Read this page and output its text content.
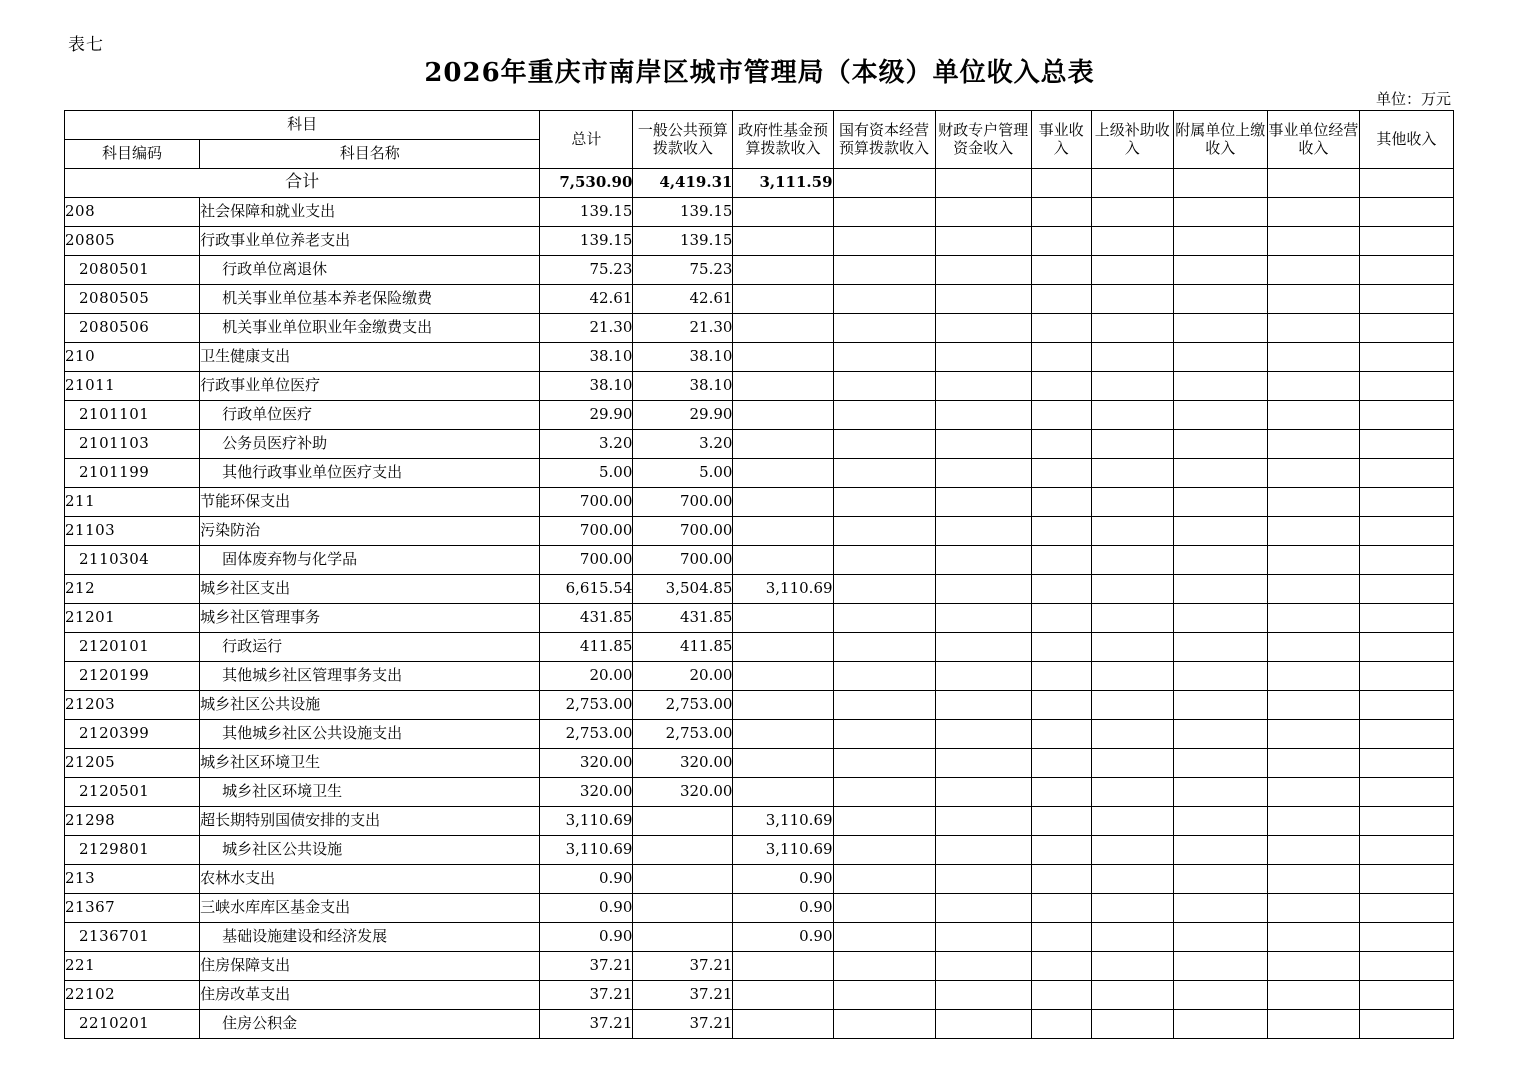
表七
2026年重庆市南岸区城市管理局（本级）单位收入总表
单位：万元
科目		总计	一般公共预算拨款收入	政府性基金预算拨款收入	国有资本经营预算拨款收入	财政专户管理资金收入	事业收入	上级补助收入	附属单位上缴收入	事业单位经营收入	其他收入
科目编码	科目名称										
合计		7,530.90	4,419.31	3,111.59							
208	社会保障和就业支出	139.15	139.15								
20805	行政事业单位养老支出	139.15	139.15								
2080501	行政单位离退休	75.23	75.23								
2080505	机关事业单位基本养老保险缴费	42.61	42.61								
2080506	机关事业单位职业年金缴费支出	21.30	21.30								
210	卫生健康支出	38.10	38.10								
21011	行政事业单位医疗	38.10	38.10								
2101101	行政单位医疗	29.90	29.90								
2101103	公务员医疗补助	3.20	3.20								
2101199	其他行政事业单位医疗支出	5.00	5.00								
211	节能环保支出	700.00	700.00								
21103	污染防治	700.00	700.00								
2110304	固体废弃物与化学品	700.00	700.00								
212	城乡社区支出	6,615.54	3,504.85	3,110.69							
21201	城乡社区管理事务	431.85	431.85								
2120101	行政运行	411.85	411.85								
2120199	其他城乡社区管理事务支出	20.00	20.00								
21203	城乡社区公共设施	2,753.00	2,753.00								
2120399	其他城乡社区公共设施支出	2,753.00	2,753.00								
21205	城乡社区环境卫生	320.00	320.00								
2120501	城乡社区环境卫生	320.00	320.00								
21298	超长期特别国债安排的支出	3,110.69		3,110.69							
2129801	城乡社区公共设施	3,110.69		3,110.69							
213	农林水支出	0.90		0.90							
21367	三峡水库库区基金支出	0.90		0.90							
2136701	基础设施建设和经济发展	0.90		0.90							
221	住房保障支出	37.21	37.21								
22102	住房改革支出	37.21	37.21								
2210201	住房公积金	37.21	37.21								
